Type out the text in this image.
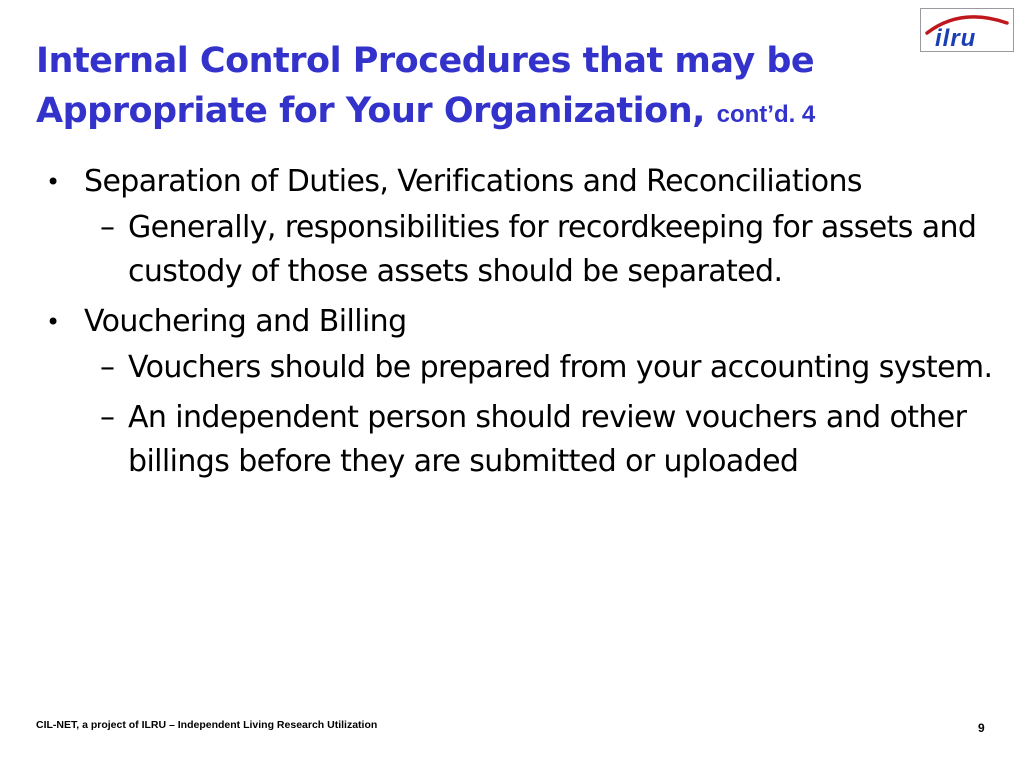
Internal Control Procedures that may be Appropriate for Your Organization, cont’d. 4
ilru
• Separation of Duties, Verifications and Reconciliations
– Generally, responsibilities for recordkeeping for assets and custody of those assets should be separated.
• Vouchering and Billing
– Vouchers should be prepared from your accounting system.
– An independent person should review vouchers and other billings before they are submitted or uploaded
CIL-NET, a project of ILRU – Independent Living Research Utilization	9
